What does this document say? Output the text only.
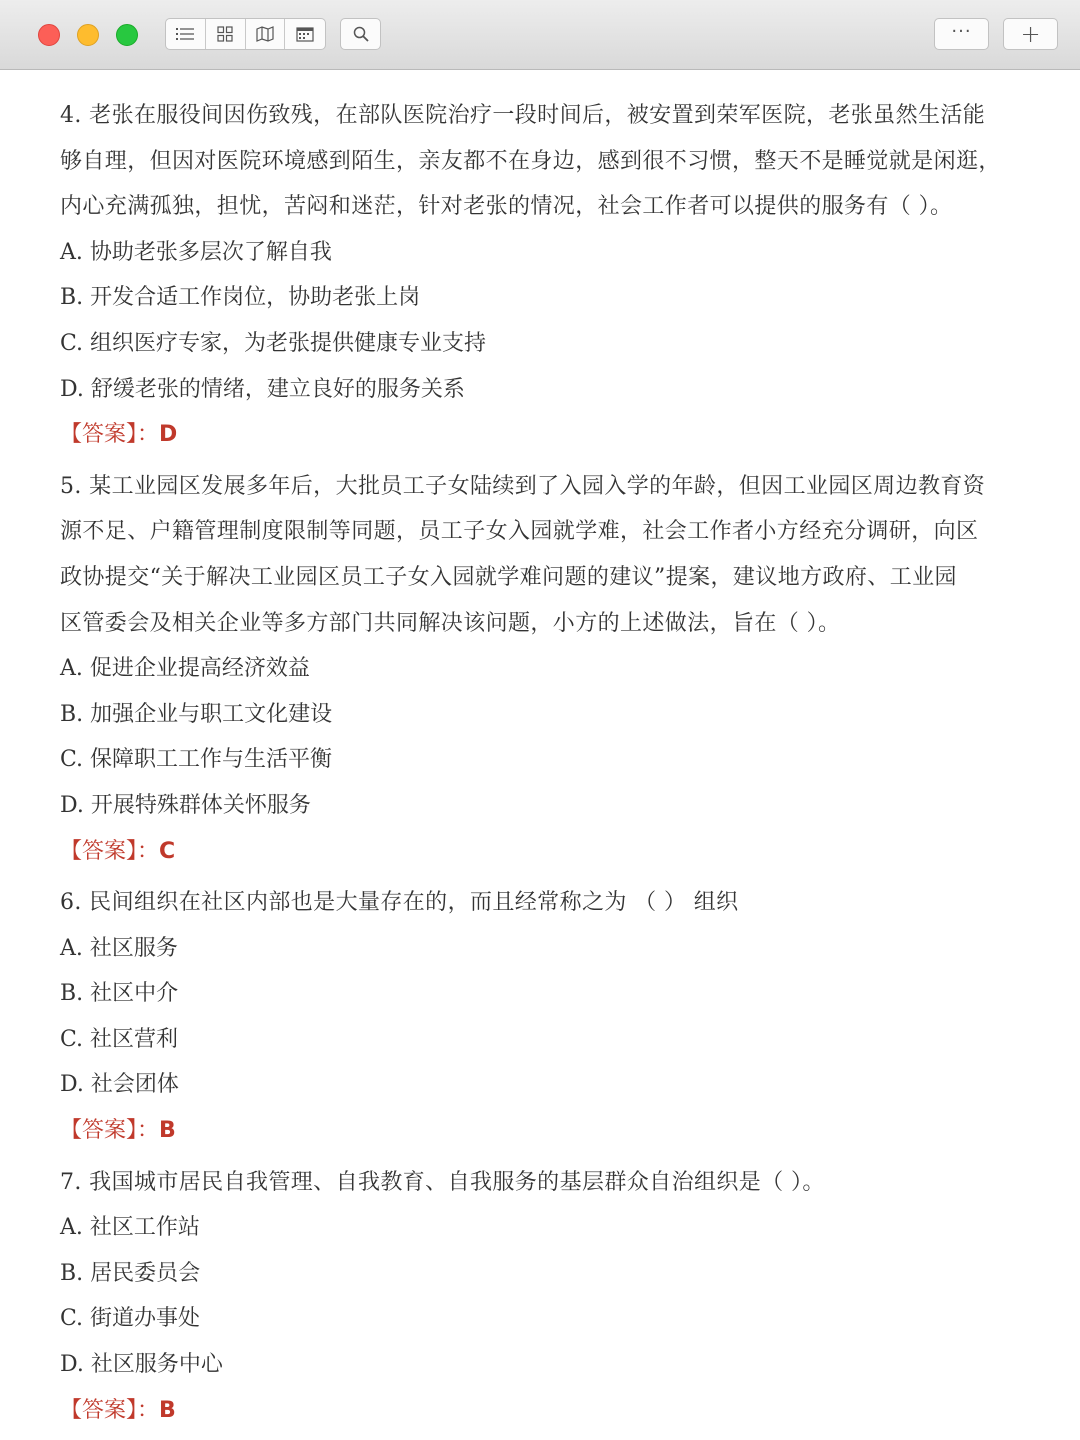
···	+
4. 老张在服役间因伤致残，在部队医院治疗一段时间后，被安置到荣军医院，老张虽然生活能
够自理，但因对医院环境感到陌生，亲友都不在身边，感到很不习惯，整天不是睡觉就是闲逛，
内心充满孤独，担忧，苦闷和迷茫，针对老张的情况，社会工作者可以提供的服务有（ ）。
A. 协助老张多层次了解自我
B. 开发合适工作岗位，协助老张上岗
C. 组织医疗专家，为老张提供健康专业支持
D. 舒缓老张的情绪，建立良好的服务关系
【答案】：D
5. 某工业园区发展多年后，大批员工子女陆续到了入园入学的年龄，但因工业园区周边教育资
源不足、户籍管理制度限制等同题，员工子女入园就学难，社会工作者小方经充分调研，向区
政协提交“关于解决工业园区员工子女入园就学难问题的建议”提案，建议地方政府、工业园
区管委会及相关企业等多方部门共同解决该问题，小方的上述做法，旨在（ ）。
A. 促进企业提高经济效益
B. 加强企业与职工文化建设
C. 保障职工工作与生活平衡
D. 开展特殊群体关怀服务
【答案】：C
6. 民间组织在社区内部也是大量存在的，而且经常称之为 （ ） 组织
A. 社区服务
B. 社区中介
C. 社区营利
D. 社会团体
【答案】：B
7. 我国城市居民自我管理、自我教育、自我服务的基层群众自治组织是（ ）。
A. 社区工作站
B. 居民委员会
C. 街道办事处
D. 社区服务中心
【答案】：B
